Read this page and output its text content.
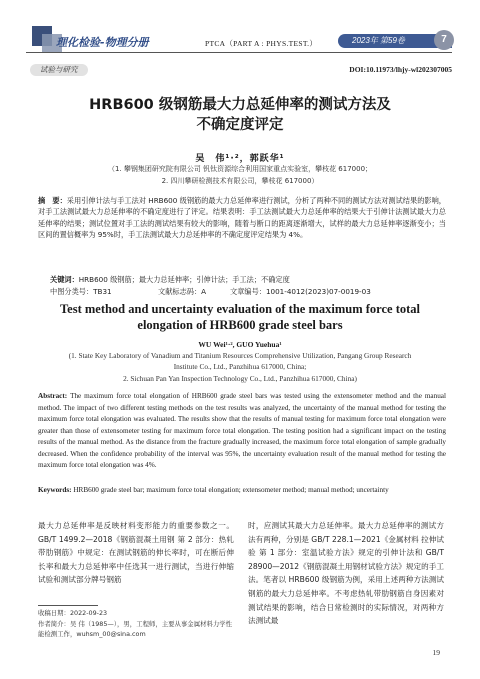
理化检验-物理分册	PTCA（PART A : PHYS.TEST.）	2023年 第59卷	7
试验与研究	DOI:10.11973/lhjy-wl202307005
HRB600 级钢筋最大力总延伸率的测试方法及
不确定度评定
吴　伟¹·²，郭跃华¹
（1. 攀钢集团研究院有限公司 钒钛资源综合利用国家重点实验室，攀枝花 617000；
2. 四川攀研检测技术有限公司，攀枝花 617000）
摘　要：采用引伸计法与手工法对 HRB600 级钢筋的最大力总延伸率进行测试，分析了两种不同的测试方法对测试结果的影响，对手工法测试最大力总延伸率的不确定度进行了评定。结果表明：手工法测试最大力总延伸率的结果大于引伸计法测试最大力总延伸率的结果；测试位置对手工法的测试结果有较大的影响，随着与断口的距离逐渐增大，试样的最大力总延伸率逐渐变小；当区间的置信概率为 95%时，手工法测试最大力总延伸率的不确定度评定结果为 4%。
关键词：HRB600 级钢筋；最大力总延伸率；引伸计法；手工法；不确定度
中图分类号：TB31	文献标志码：A	文章编号：1001-4012(2023)07-0019-03
Test method and uncertainty evaluation of the maximum force total
elongation of HRB600 grade steel bars
WU Wei¹·², GUO Yuehua¹
(1. State Key Laboratory of Vanadium and Titanium Resources Comprehensive Utilization, Pangang Group Research
Institute Co., Ltd., Panzhihua 617000, China;
2. Sichuan Pan Yan Inspection Technology Co., Ltd., Panzhihua 617000, China)
Abstract: The maximum force total elongation of HRB600 grade steel bars was tested using the extensometer method and the manual method. The impact of two different testing methods on the test results was analyzed, the uncertainty of the manual method for testing the maximum force total elongation was evaluated. The results show that the results of manual testing for maximum force total elongation were greater than those of extensometer testing for maximum force total elongation. The testing position had a significant impact on the testing results of the manual method. As the distance from the fracture gradually increased, the maximum force total elongation of sample gradually decreased. When the confidence probability of the interval was 95%, the uncertainty evaluation result of the manual method for testing the maximum force total elongation was 4%.
Keywords: HRB600 grade steel bar; maximum force total elongation; extensometer method; manual method; uncertainty
最大力总延伸率是反映材料变形能力的重要参数之一。GB/T 1499.2—2018《钢筋混凝土用钢 第 2 部分：热轧带肋钢筋》中规定：在测试钢筋的伸长率时，可在断后伸长率和最大力总延伸率中任选其一进行测试，当进行伸缩试验和测试部分牌号钢筋
时，应测试其最大力总延伸率。最大力总延伸率的测试方法有两种，分别是 GB/T 228.1—2021《金属材料 拉伸试验 第 1 部分：室温试验方法》规定的引伸计法和 GB/T 28900—2012《钢筋混凝土用钢材试验方法》规定的手工法。笔者以 HRB600 级钢筋为例，采用上述两种方法测试钢筋的最大力总延伸率。不考虑热轧带肋钢筋自身因素对测试结果的影响，结合日常检测时的实际情况，对两种方法测试最
收稿日期：2022-09-23
作者简介：吴 伟（1985—），男，工程师，主要从事金属材料力学性能检测工作，wuhsm_00@sina.com
19
